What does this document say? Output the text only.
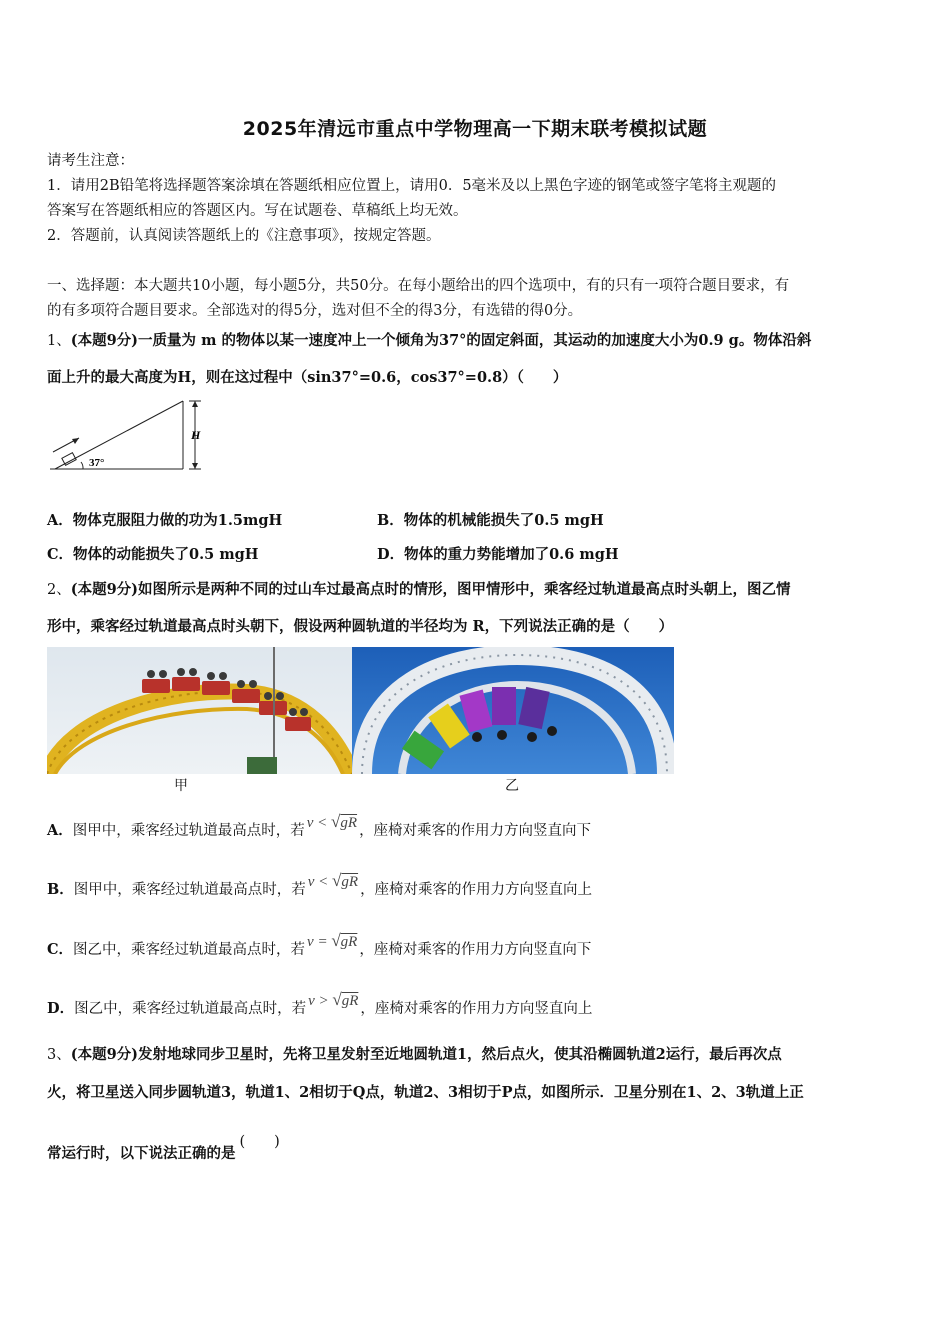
2025年清远市重点中学物理高一下期末联考模拟试题
请考生注意：
1．请用2B铅笔将选择题答案涂填在答题纸相应位置上，请用0．5毫米及以上黑色字迹的钢笔或签字笔将主观题的
答案写在答题纸相应的答题区内。写在试题卷、草稿纸上均无效。
2．答题前，认真阅读答题纸上的《注意事项》，按规定答题。
一、选择题：本大题共10小题，每小题5分，共50分。在每小题给出的四个选项中，有的只有一项符合题目要求，有
的有多项符合题目要求。全部选对的得5分，选对但不全的得3分，有选错的得0分。
1、(本题9分)一质量为 m 的物体以某一速度冲上一个倾角为37°的固定斜面，其运动的加速度大小为0.9 g。物体沿斜
面上升的最大高度为H，则在这过程中（sin37°=0.6，cos37°=0.8）（　　）
37°
H
A．物体克服阻力做的功为1.5mgH	B．物体的机械能损失了0.5 mgH
C．物体的动能损失了0.5 mgH	D．物体的重力势能增加了0.6 mgH
2、(本题9分)如图所示是两种不同的过山车过最高点时的情形，图甲情形中，乘客经过轨道最高点时头朝上，图乙情
形中，乘客经过轨道最高点时头朝下，假设两种圆轨道的半径均为 R，下列说法正确的是（　　）
甲	乙
A．图甲中，乘客经过轨道最高点时，若 v < √gR ，座椅对乘客的作用力方向竖直向下
B．图甲中，乘客经过轨道最高点时，若 v < √gR ，座椅对乘客的作用力方向竖直向上
C．图乙中，乘客经过轨道最高点时，若 v = √gR ，座椅对乘客的作用力方向竖直向下
D．图乙中，乘客经过轨道最高点时，若 v > √gR ，座椅对乘客的作用力方向竖直向上
3、(本题9分)发射地球同步卫星时，先将卫星发射至近地圆轨道1，然后点火，使其沿椭圆轨道2运行，最后再次点
火，将卫星送入同步圆轨道3，轨道1、2相切于Q点，轨道2、3相切于P点，如图所示．卫星分别在1、2、3轨道上正
常运行时，以下说法正确的是(　　)
